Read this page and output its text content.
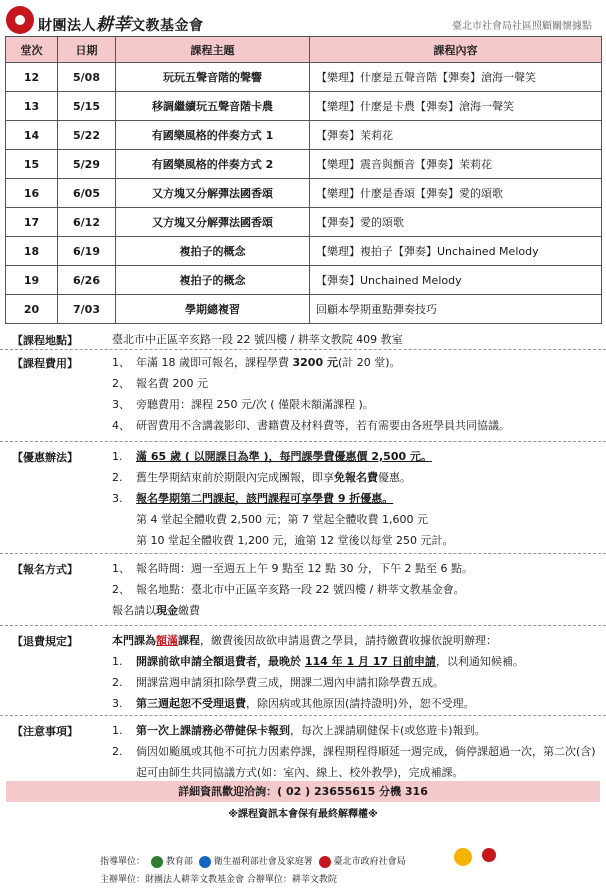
財團法人耕莘文教基金會	臺北市社會局社區照顧關懷據點
堂次	日期	課程主題	課程內容
12	5/08	玩玩五聲音階的聲響	【樂理】什麼是五聲音階【彈奏】滄海一聲笑
13	5/15	移調繼續玩五聲音階卡農	【樂理】什麼是卡農【彈奏】滄海一聲笑
14	5/22	有國樂風格的伴奏方式 1	【彈奏】茉莉花
15	5/29	有國樂風格的伴奏方式 2	【樂理】震音與顫音【彈奏】茉莉花
16	6/05	又方塊又分解彈法國香頌	【樂理】什麼是香頌【彈奏】愛的頌歌
17	6/12	又方塊又分解彈法國香頌	【彈奏】愛的頌歌
18	6/19	複拍子的概念	【樂理】複拍子【彈奏】Unchained Melody
19	6/26	複拍子的概念	【彈奏】Unchained Melody
20	7/03	學期總複習	回顧本學期重點彈奏技巧
【課程地點】	臺北市中正區辛亥路一段 22 號四樓 / 耕莘文教院 409 教室
【課程費用】	1、 年滿 18 歲即可報名，課程學費 3200 元(計 20 堂)。
2、 報名費 200 元
3、 旁聽費用：課程 250 元/次 ( 僅限未額滿課程 )。
4、 研習費用不含講義影印、書籍費及材料費等，若有需要由各班學員共同協議。
【優惠辦法】	1.	滿 65 歲 ( 以開課日為準 )，每門課學費優惠價 2,500 元。
2.	舊生學期結束前於期限內完成團報，即享免報名費優惠。
3.	報名學期第二門課起，該門課程可享學費 9 折優惠。
第 4 堂起全體收費 2,500 元；第 7 堂起全體收費 1,600 元
第 10 堂起全體收費 1,200 元，逾第 12 堂後以每堂 250 元計。
【報名方式】	1、 報名時間：週一至週五上午 9 點至 12 點 30 分，下午 2 點至 6 點。
2、 報名地點：臺北市中正區辛亥路一段 22 號四樓 / 耕莘文教基金會。
報名請以現金繳費
【退費規定】	本門課為額滿課程，繳費後因故欲申請退費之學員，請持繳費收據依說明辦理：
1.	開課前欲申請全額退費者，最晚於 114 年 1 月 17 日前申請，以利通知候補。
2.	開課當週申請須扣除學費三成，開課二週內申請扣除學費五成。
3.	第三週起恕不受理退費，除因病或其他原因(請持證明)外，恕不受理。
【注意事項】	1.	第一次上課請務必帶健保卡報到，每次上課請刷健保卡(或悠遊卡)報到。
2.	倘因如颱風或其他不可抗力因素停課，課程期程得順延一週完成，倘停課超過一次，第二次(含)起可由師生共同協議方式(如：室內、線上、校外教學)，完成補課。
詳細資訊歡迎洽詢：( 02 ) 23655615 分機 316
※課程資訊本會保有最終解釋權※
指導單位： 教育部 衛生福利部社會及家庭署 臺北市政府社會局
主辦單位：財團法人耕莘文教基金會 合辦單位：耕莘文教院
